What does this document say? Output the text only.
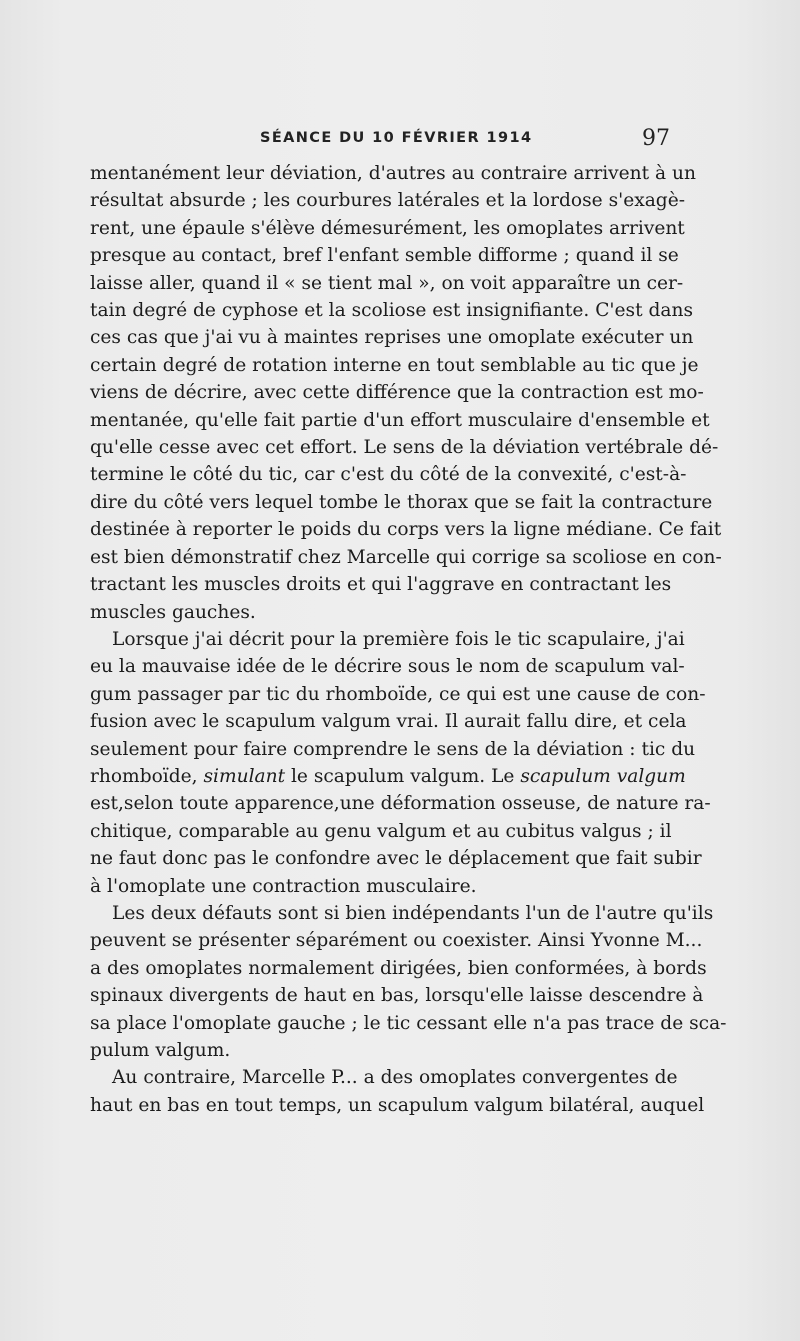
SÉANCE DU 10 FÉVRIER 1914	97
mentanément leur déviation, d'autres au contraire arrivent à un
résultat absurde ; les courbures latérales et la lordose s'exagè-
rent, une épaule s'élève démesurément, les omoplates arrivent
presque au contact, bref l'enfant semble difforme ; quand il se
laisse aller, quand il « se tient mal », on voit apparaître un cer-
tain degré de cyphose et la scoliose est insignifiante. C'est dans
ces cas que j'ai vu à maintes reprises une omoplate exécuter un
certain degré de rotation interne en tout semblable au tic que je
viens de décrire, avec cette différence que la contraction est mo-
mentanée, qu'elle fait partie d'un effort musculaire d'ensemble et
qu'elle cesse avec cet effort. Le sens de la déviation vertébrale dé-
termine le côté du tic, car c'est du côté de la convexité, c'est-à-
dire du côté vers lequel tombe le thorax que se fait la contracture
destinée à reporter le poids du corps vers la ligne médiane. Ce fait
est bien démonstratif chez Marcelle qui corrige sa scoliose en con-
tractant les muscles droits et qui l'aggrave en contractant les
muscles gauches.
Lorsque j'ai décrit pour la première fois le tic scapulaire, j'ai
eu la mauvaise idée de le décrire sous le nom de scapulum val-
gum passager par tic du rhomboïde, ce qui est une cause de con-
fusion avec le scapulum valgum vrai. Il aurait fallu dire, et cela
seulement pour faire comprendre le sens de la déviation : tic du
rhomboïde, simulant le scapulum valgum. Le scapulum valgum
est,selon toute apparence,une déformation osseuse, de nature ra-
chitique, comparable au genu valgum et au cubitus valgus ; il
ne faut donc pas le confondre avec le déplacement que fait subir
à l'omoplate une contraction musculaire.
Les deux défauts sont si bien indépendants l'un de l'autre qu'ils
peuvent se présenter séparément ou coexister. Ainsi Yvonne M...
a des omoplates normalement dirigées, bien conformées, à bords
spinaux divergents de haut en bas, lorsqu'elle laisse descendre à
sa place l'omoplate gauche ; le tic cessant elle n'a pas trace de sca-
pulum valgum.
Au contraire, Marcelle P... a des omoplates convergentes de
haut en bas en tout temps, un scapulum valgum bilatéral, auquel
